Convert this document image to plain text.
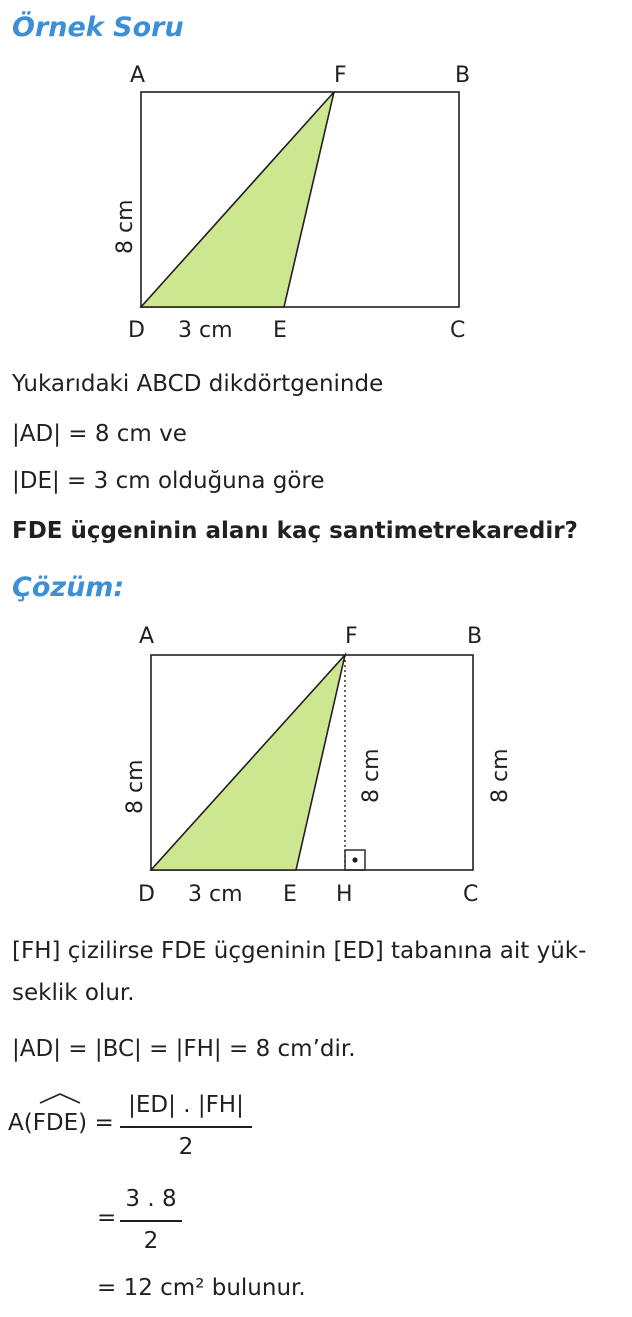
Örnek Soru
A	F	B
D 3 cm E	C
8 cm
Yukarıdaki ABCD dikdörtgeninde
|AD| = 8 cm ve
|DE| = 3 cm olduğuna göre
FDE üçgeninin alanı kaç santimetrekaredir?
Çözüm:
A	F	B
D 3 cm E H	C
8 cm	8 cm	8 cm
[FH] çizilirse FDE üçgeninin [ED] tabanına ait yük-
seklik olur.
|AD| = |BC| = |FH| = 8 cm’dir.
A(FDE) =
|ED| . |FH|
2
=
3 . 8
2
= 12 cm² bulunur.
